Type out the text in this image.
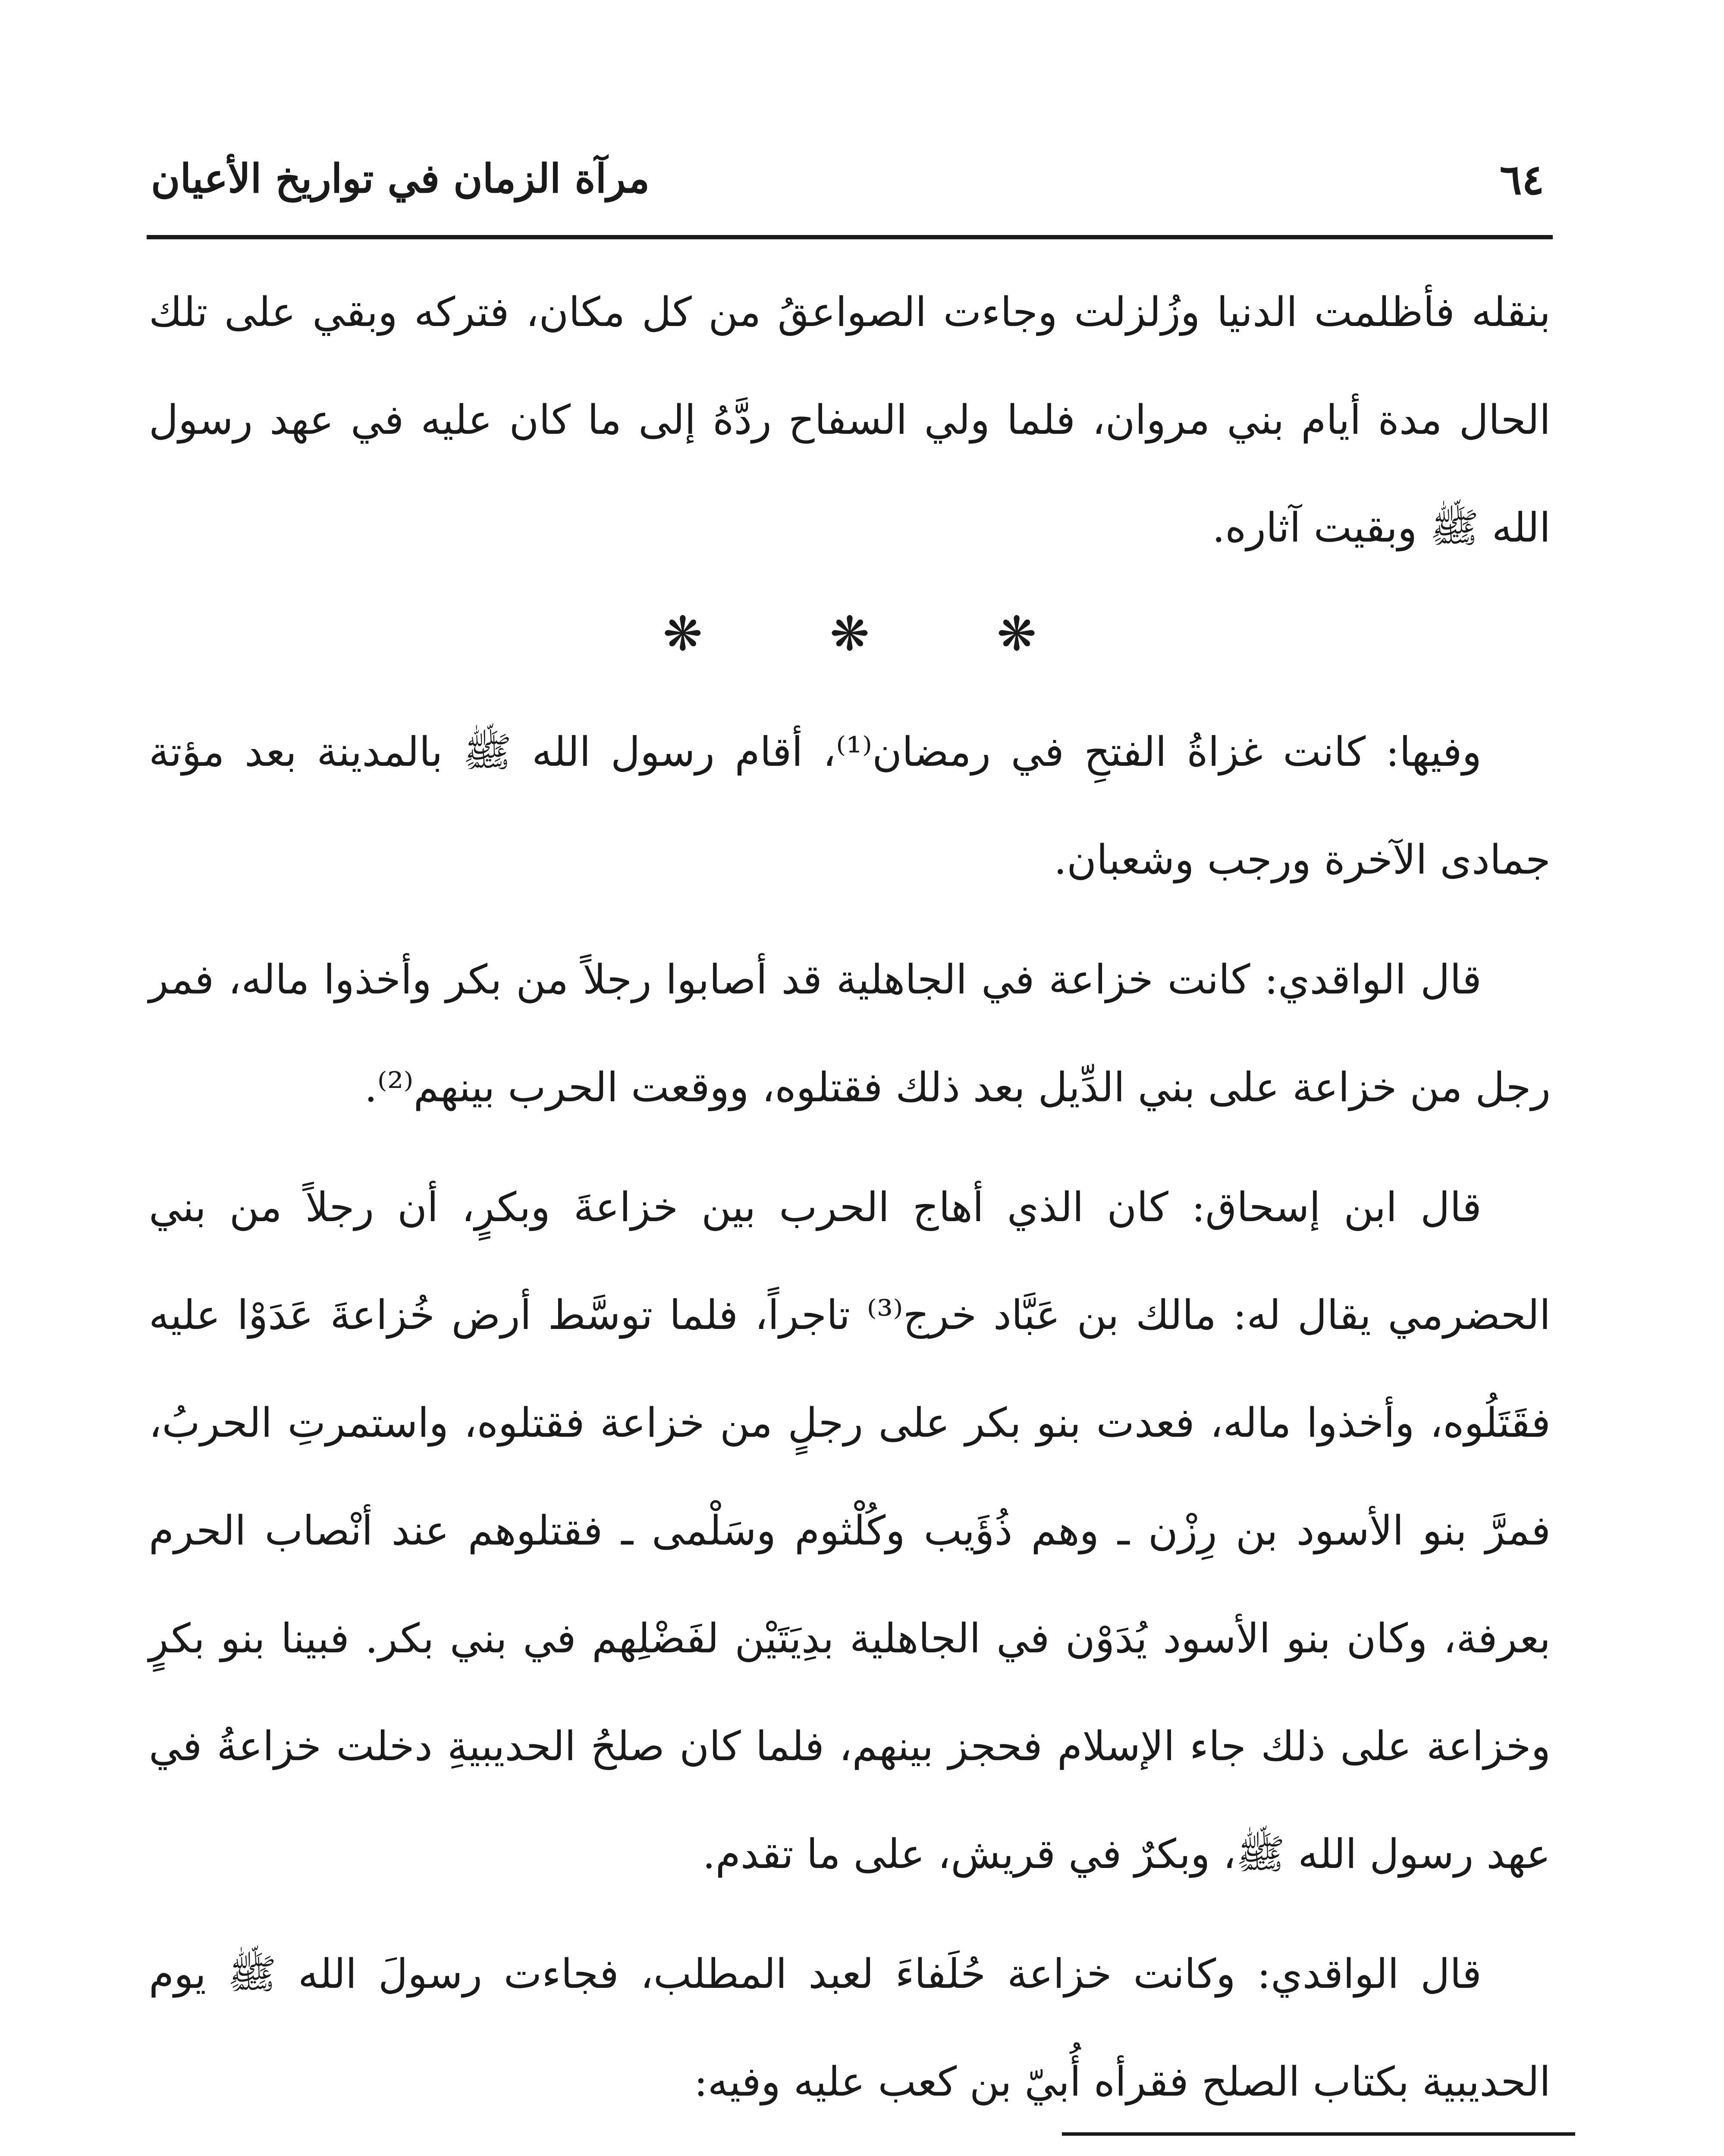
٦٤
مرآة الزمان في تواريخ الأعيان

بنقله فأظلمت الدنيا وزُلزلت وجاءت الصواعقُ من كل مكان، فتركه وبقي على تلك الحال مدة أيام بني مروان، فلما ولي السفاح ردَّهُ إلى ما كان عليه في عهد رسول الله ﷺ وبقيت آثاره.

❋ ❋ ❋

وفيها: كانت غزاةُ الفتحِ في رمضان⁽¹⁾، أقام رسول الله ﷺ بالمدينة بعد مؤتة جمادى الآخرة ورجب وشعبان.

قال الواقدي: كانت خزاعة في الجاهلية قد أصابوا رجلاً من بكر وأخذوا ماله، فمر رجل من خزاعة على بني الدِّيل بعد ذلك فقتلوه، ووقعت الحرب بينهم⁽²⁾.

قال ابن إسحاق: كان الذي أهاج الحرب بين خزاعةَ وبكرٍ، أن رجلاً من بني الحضرمي يقال له: مالك بن عَبَّاد خرج⁽³⁾ تاجراً، فلما توسَّط أرض خُزاعةَ عَدَوْا عليه فقَتَلُوه، وأخذوا ماله، فعدت بنو بكر على رجلٍ من خزاعة فقتلوه، واستمرتِ الحربُ، فمرَّ بنو الأسود بن رِزْن ـ وهم ذُؤَيب وكُلْثوم وسَلْمى ـ فقتلوهم عند أنْصاب الحرم بعرفة، وكان بنو الأسود يُدَوْن في الجاهلية بدِيَتَيْن لفَضْلِهم في بني بكر. فبينا بنو بكرٍ وخزاعة على ذلك جاء الإسلام فحجز بينهم، فلما كان صلحُ الحديبيةِ دخلت خزاعةُ في عهد رسول الله ﷺ، وبكرٌ في قريش، على ما تقدم.

قال الواقدي: وكانت خزاعة حُلَفاءَ لعبد المطلب، فجاءت رسولَ الله ﷺ يوم الحديبية بكتاب الصلح فقرأه أُبيّ بن كعب عليه وفيه:
